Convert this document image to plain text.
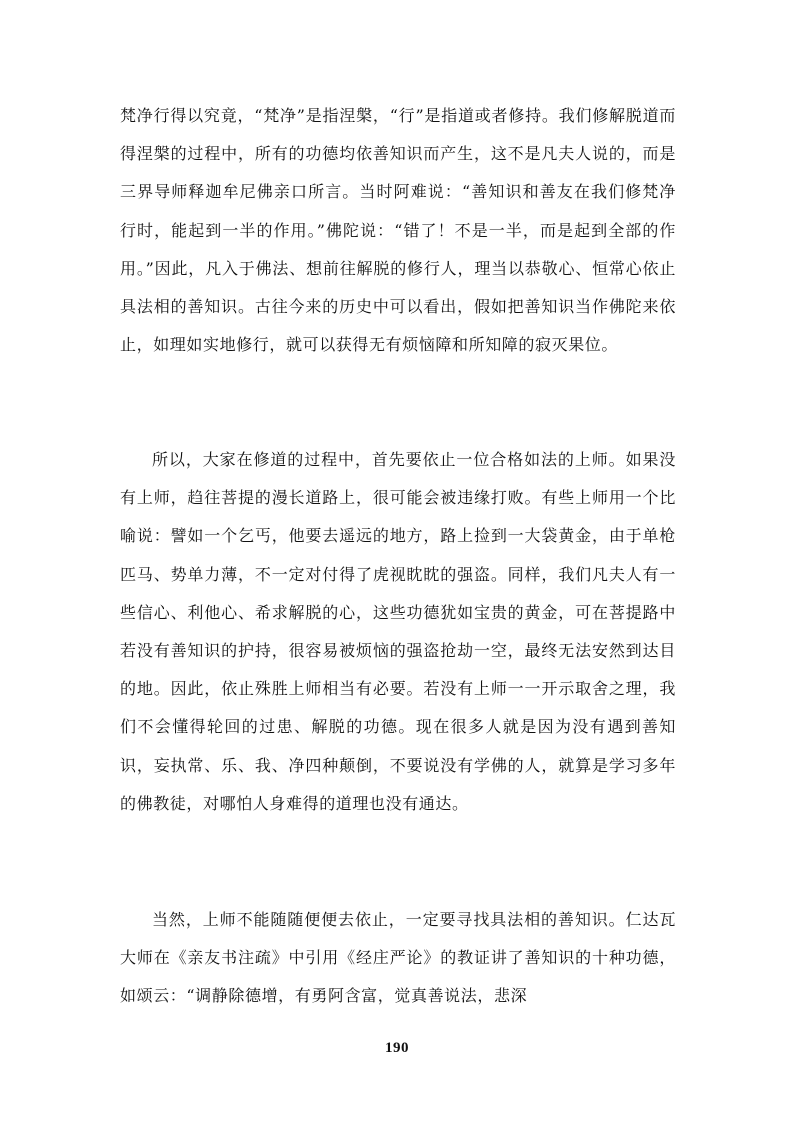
梵净行得以究竟，“梵净”是指涅槃，“行”是指道或者修持。我们修解脱道而得涅槃的过程中，所有的功德均依善知识而产生，这不是凡夫人说的，而是三界导师释迦牟尼佛亲口所言。当时阿难说：“善知识和善友在我们修梵净行时，能起到一半的作用。”佛陀说：“错了！不是一半，而是起到全部的作用。”因此，凡入于佛法、想前往解脱的修行人，理当以恭敬心、恒常心依止具法相的善知识。古往今来的历史中可以看出，假如把善知识当作佛陀来依止，如理如实地修行，就可以获得无有烦恼障和所知障的寂灭果位。

所以，大家在修道的过程中，首先要依止一位合格如法的上师。如果没有上师，趋往菩提的漫长道路上，很可能会被违缘打败。有些上师用一个比喻说：譬如一个乞丐，他要去遥远的地方，路上捡到一大袋黄金，由于单枪匹马、势单力薄，不一定对付得了虎视眈眈的强盗。同样，我们凡夫人有一些信心、利他心、希求解脱的心，这些功德犹如宝贵的黄金，可在菩提路中若没有善知识的护持，很容易被烦恼的强盗抢劫一空，最终无法安然到达目的地。因此，依止殊胜上师相当有必要。若没有上师一一开示取舍之理，我们不会懂得轮回的过患、解脱的功德。现在很多人就是因为没有遇到善知识，妄执常、乐、我、净四种颠倒，不要说没有学佛的人，就算是学习多年的佛教徒，对哪怕人身难得的道理也没有通达。

当然，上师不能随随便便去依止，一定要寻找具法相的善知识。仁达瓦大师在《亲友书注疏》中引用《经庄严论》的教证讲了善知识的十种功德，如颂云：“调静除德增，有勇阿含富，觉真善说法，悲深

190
